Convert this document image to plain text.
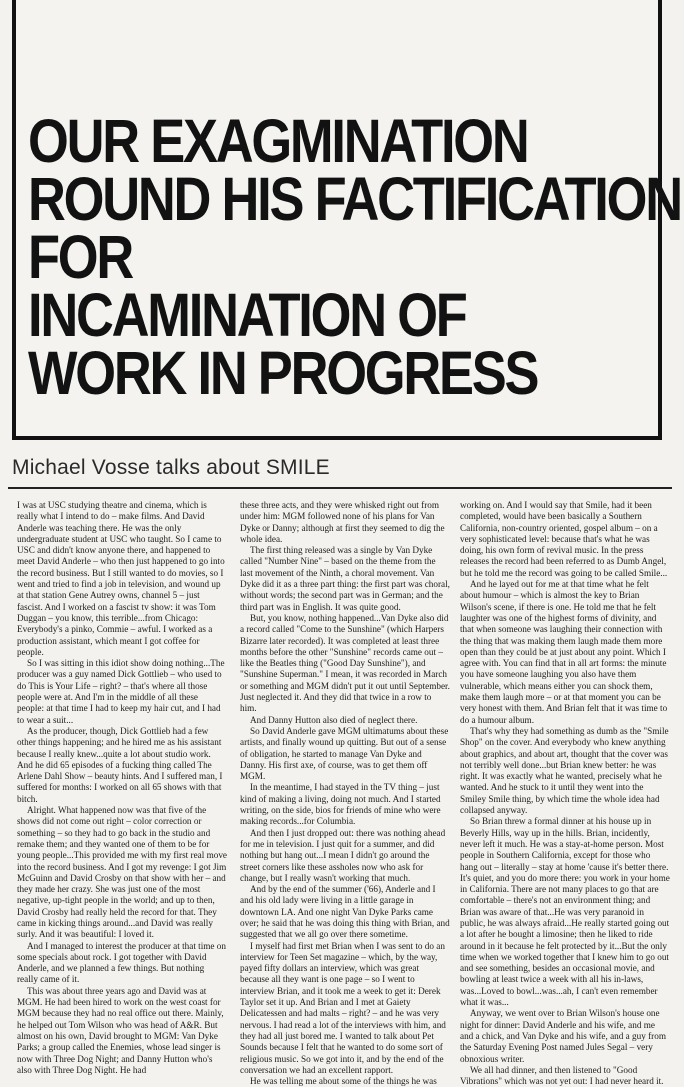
OUR EXAGMINATION
ROUND HIS FACTIFICATION
FOR
INCAMINATION OF
WORK IN PROGRESS
Michael Vosse talks about SMILE

I was at USC studying theatre and cinema, which is really what I intend to do – make films. And David Anderle was teaching there. He was the only undergraduate student at USC who taught. So I came to USC and didn't know anyone there, and happened to meet David Anderle – who then just happened to go into the record business. But I still wanted to do movies, so I went and tried to find a job in television, and wound up at that station Gene Autrey owns, channel 5 – just fascist. And I worked on a fascist tv show: it was Tom Duggan – you know, this terrible...from Chicago: Everybody's a pinko, Commie – awful. I worked as a production assistant, which meant I got coffee for people.

So I was sitting in this idiot show doing nothing...The producer was a guy named Dick Gottlieb – who used to do This is Your Life – right? – that's where all those people were at. And I'm in the middle of all these people: at that time I had to keep my hair cut, and I had to wear a suit...

As the producer, though, Dick Gottlieb had a few other things happening; and he hired me as his assistant because I really knew...quite a lot about studio work. And he did 65 episodes of a fucking thing called The Arlene Dahl Show – beauty hints. And I suffered man, I suffered for months: I worked on all 65 shows with that bitch.

Alright. What happened now was that five of the shows did not come out right – color correction or something – so they had to go back in the studio and remake them; and they wanted one of them to be for young people...This provided me with my first real move into the record business. And I got my revenge: I got Jim McGuinn and David Crosby on that show with her – and they made her crazy. She was just one of the most negative, up-tight people in the world; and up to then, David Crosby had really held the record for that. They came in kicking things around...and David was really surly. And it was beautiful: I loved it.

And I managed to interest the producer at that time on some specials about rock. I got together with David Anderle, and we planned a few things. But nothing really came of it.

This was about three years ago and David was at MGM. He had been hired to work on the west coast for MGM because they had no real office out there. Mainly, he helped out Tom Wilson who was head of A&R. But almost on his own, David brought to MGM: Van Dyke Parks; a group called the Enemies, whose lead singer is now with Three Dog Night; and Danny Hutton who's also with Three Dog Night. He had

these three acts, and they were whisked right out from under him: MGM followed none of his plans for Van Dyke or Danny; although at first they seemed to dig the whole idea.

The first thing released was a single by Van Dyke called "Number Nine" – based on the theme from the last movement of the Ninth, a choral movement. Van Dyke did it as a three part thing: the first part was choral, without words; the second part was in German; and the third part was in English. It was quite good.

But, you know, nothing happened...Van Dyke also did a record called "Come to the Sunshine" (which Harpers Bizarre later recorded). It was completed at least three months before the other "Sunshine" records came out – like the Beatles thing ("Good Day Sunshine"), and "Sunshine Superman." I mean, it was recorded in March or something and MGM didn't put it out until September. Just neglected it. And they did that twice in a row to him.

And Danny Hutton also died of neglect there.

So David Anderle gave MGM ultimatums about these artists, and finally wound up quitting. But out of a sense of obligation, he started to manage Van Dyke and Danny. His first axe, of course, was to get them off MGM.

In the meantime, I had stayed in the TV thing – just kind of making a living, doing not much. And I started writing, on the side, bios for friends of mine who were making records...for Columbia.

And then I just dropped out: there was nothing ahead for me in television. I just quit for a summer, and did nothing but hang out...I mean I didn't go around the street corners like these assholes now who ask for change, but I really wasn't working that much.

And by the end of the summer ('66), Anderle and I and his old lady were living in a little garage in downtown LA. And one night Van Dyke Parks came over; he said that he was doing this thing with Brian, and suggested that we all go over there sometime.

I myself had first met Brian when I was sent to do an interview for Teen Set magazine – which, by the way, payed fifty dollars an interview, which was great because all they want is one page – so I went to interview Brian, and it took me a week to get it: Derek Taylor set it up. And Brian and I met at Gaiety Delicatessen and had malts – right? – and he was very nervous. I had read a lot of the interviews with him, and they had all just bored me. I wanted to talk about Pet Sounds because I felt that he wanted to do some sort of religious music. So we got into it, and by the end of the conversation we had an excellent rapport.

He was telling me about some of the things he was

working on. And I would say that Smile, had it been completed, would have been basically a Southern California, non-country oriented, gospel album – on a very sophisticated level: because that's what he was doing, his own form of revival music. In the press releases the record had been referred to as Dumb Angel, but he told me the record was going to be called Smile...

And he layed out for me at that time what he felt about humour – which is almost the key to Brian Wilson's scene, if there is one. He told me that he felt laughter was one of the highest forms of divinity, and that when someone was laughing their connection with the thing that was making them laugh made them more open than they could be at just about any point. Which I agree with. You can find that in all art forms: the minute you have someone laughing you also have them vulnerable, which means either you can shock them, make them laugh more – or at that moment you can be very honest with them. And Brian felt that it was time to do a humour album.

That's why they had something as dumb as the "Smile Shop" on the cover. And everybody who knew anything about graphics, and about art, thought that the cover was not terribly well done...but Brian knew better: he was right. It was exactly what he wanted, precisely what he wanted. And he stuck to it until they went into the Smiley Smile thing, by which time the whole idea had collapsed anyway.

So Brian threw a formal dinner at his house up in Beverly Hills, way up in the hills. Brian, incidently, never left it much. He was a stay-at-home person. Most people in Southern California, except for those who hang out – literally – stay at home 'cause it's better there. It's quiet, and you do more there: you work in your home in California. There are not many places to go that are comfortable – there's not an environment thing; and Brian was aware of that...He was very paranoid in public, he was always afraid...He really started going out a lot after he bought a limosine; then he liked to ride around in it because he felt protected by it...But the only time when we worked together that I knew him to go out and see something, besides an occasional movie, and bowling at least twice a week with all his in-laws, was...Loved to bowl...was...ah, I can't even remember what it was...

Anyway, we went over to Brian Wilson's house one night for dinner: David Anderle and his wife, and me and a chick, and Van Dyke and his wife, and a guy from the Saturday Evening Post named Jules Segal – very obnoxious writer.

We all had dinner, and then listened to "Good Vibrations" which was not yet out: I had never heard it.
